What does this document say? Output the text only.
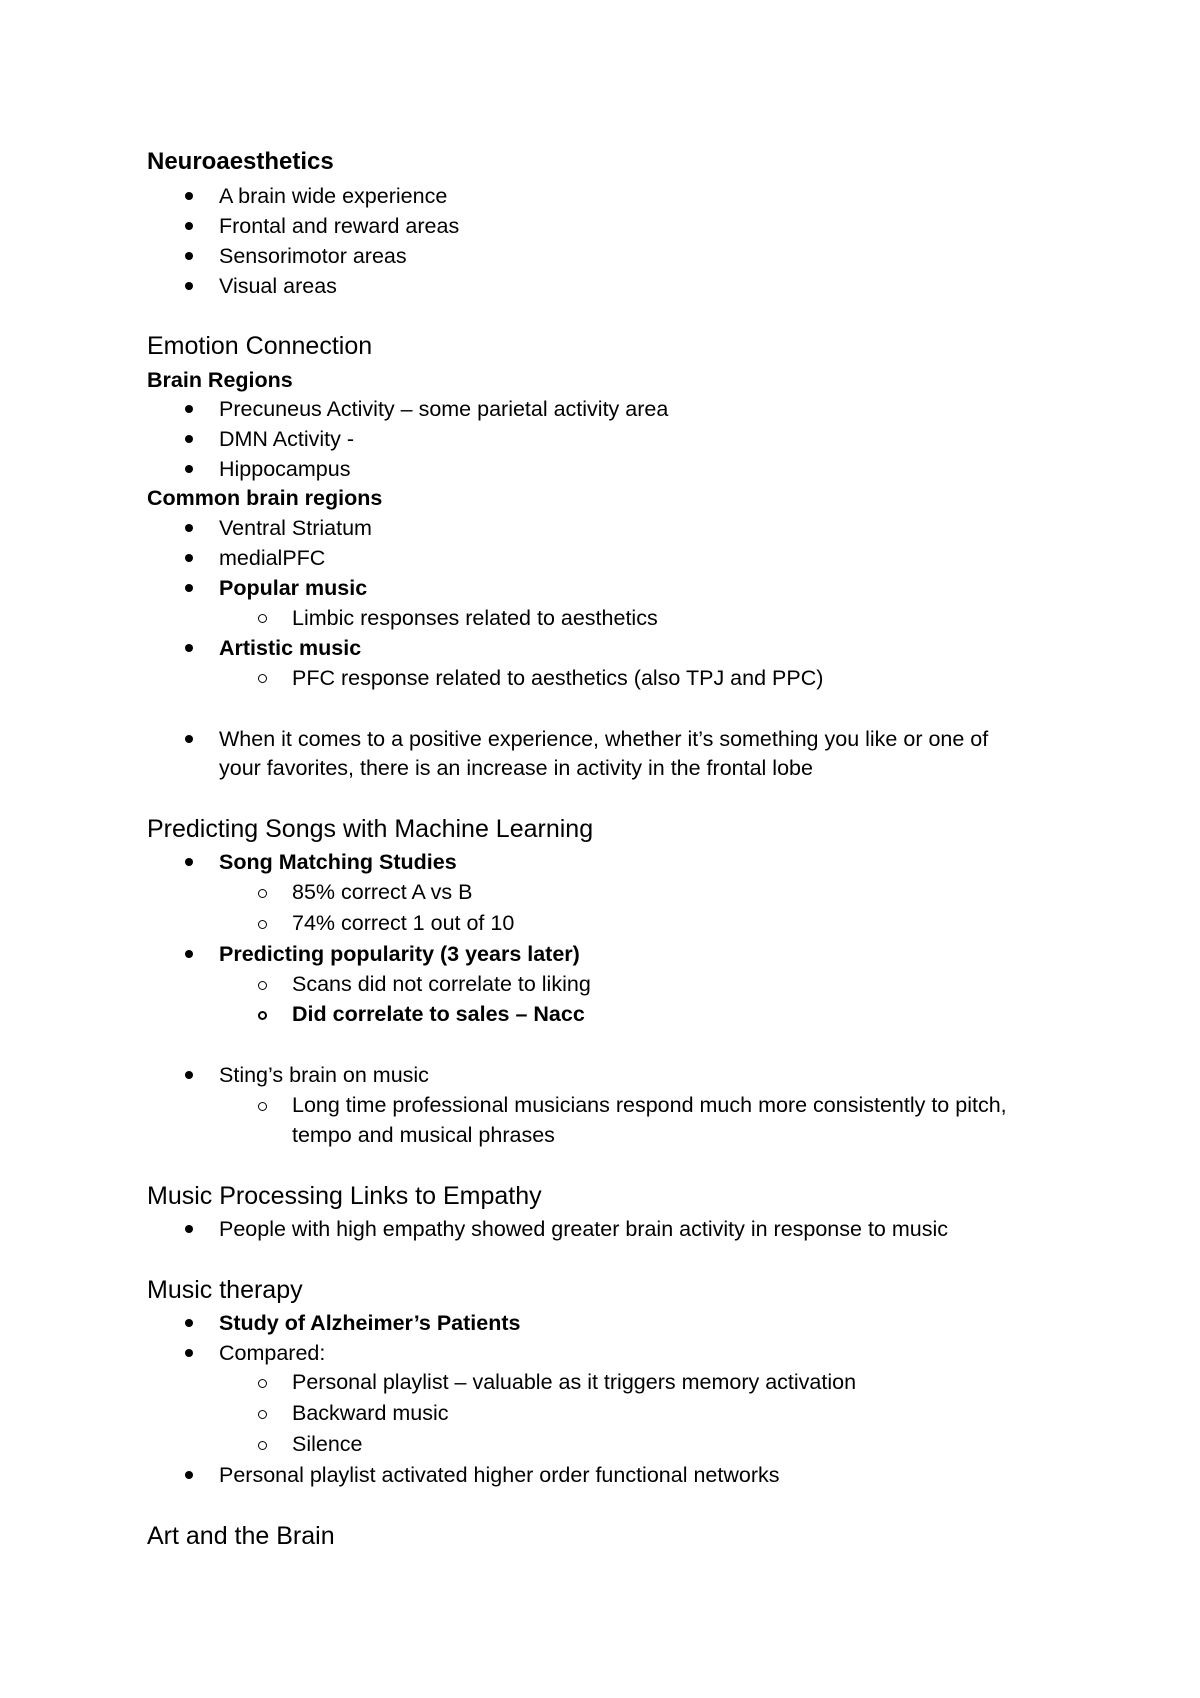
Neuroaesthetics
A brain wide experience
Frontal and reward areas
Sensorimotor areas
Visual areas
Emotion Connection
Brain Regions
Precuneus Activity – some parietal activity area
DMN Activity -
Hippocampus
Common brain regions
Ventral Striatum
medialPFC
Popular music
Limbic responses related to aesthetics
Artistic music
PFC response related to aesthetics (also TPJ and PPC)
When it comes to a positive experience, whether it’s something you like or one of
your favorites, there is an increase in activity in the frontal lobe
Predicting Songs with Machine Learning
Song Matching Studies
85% correct A vs B
74% correct 1 out of 10
Predicting popularity (3 years later)
Scans did not correlate to liking
Did correlate to sales – Nacc
Sting’s brain on music
Long time professional musicians respond much more consistently to pitch,
tempo and musical phrases
Music Processing Links to Empathy
People with high empathy showed greater brain activity in response to music
Music therapy
Study of Alzheimer’s Patients
Compared:
Personal playlist – valuable as it triggers memory activation
Backward music
Silence
Personal playlist activated higher order functional networks
Art and the Brain
